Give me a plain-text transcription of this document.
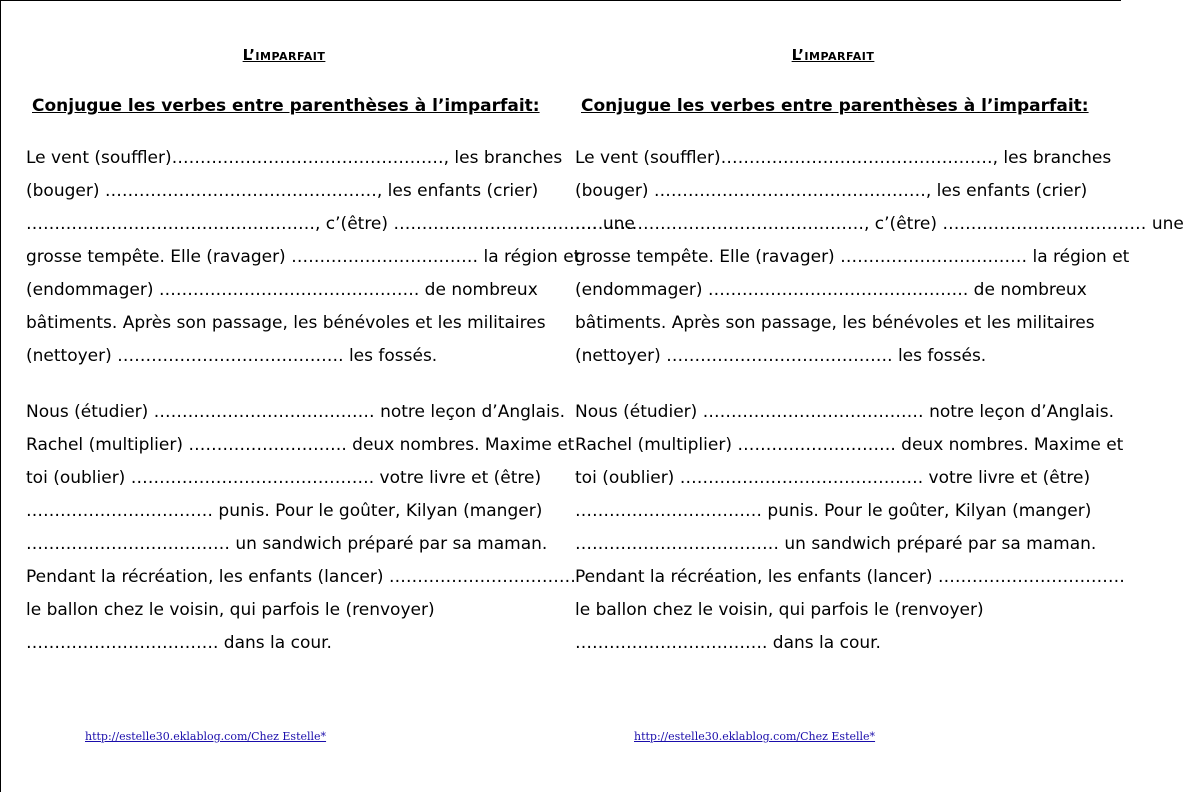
L’imparfait
Conjugue les verbes entre parenthèses à l’imparfait:
Le vent (souffler)…………………………………………, les branches
(bouger) …………………………………………, les enfants (crier)
……………………………………………, c’(être) ……………………………… une
grosse tempête. Elle (ravager) …………………………… la région et
(endommager) ………………………………………. de nombreux
bâtiments. Après son passage, les bénévoles et les militaires
(nettoyer) …………………………………. les fossés.
Nous (étudier) ………………………………… notre leçon d’Anglais.
Rachel (multiplier) ………………………. deux nombres. Maxime et
toi (oublier) ……………………………………. votre livre et (être)
…………………………… punis. Pour le goûter, Kilyan (manger)
……………………………… un sandwich préparé par sa maman.
Pendant la récréation, les enfants (lancer) ……………………………
le ballon chez le voisin, qui parfois le (renvoyer)
……………………………. dans la cour.
http://estelle30.eklablog.com/Chez Estelle*
L’imparfait
Conjugue les verbes entre parenthèses à l’imparfait:
Le vent (souffler)…………………………………………, les branches
(bouger) …………………………………………, les enfants (crier)
……………………………………………, c’(être) ……………………………… une
grosse tempête. Elle (ravager) …………………………… la région et
(endommager) ………………………………………. de nombreux
bâtiments. Après son passage, les bénévoles et les militaires
(nettoyer) …………………………………. les fossés.
Nous (étudier) ………………………………… notre leçon d’Anglais.
Rachel (multiplier) ………………………. deux nombres. Maxime et
toi (oublier) ……………………………………. votre livre et (être)
…………………………… punis. Pour le goûter, Kilyan (manger)
……………………………… un sandwich préparé par sa maman.
Pendant la récréation, les enfants (lancer) ……………………………
le ballon chez le voisin, qui parfois le (renvoyer)
……………………………. dans la cour.
http://estelle30.eklablog.com/Chez Estelle*
